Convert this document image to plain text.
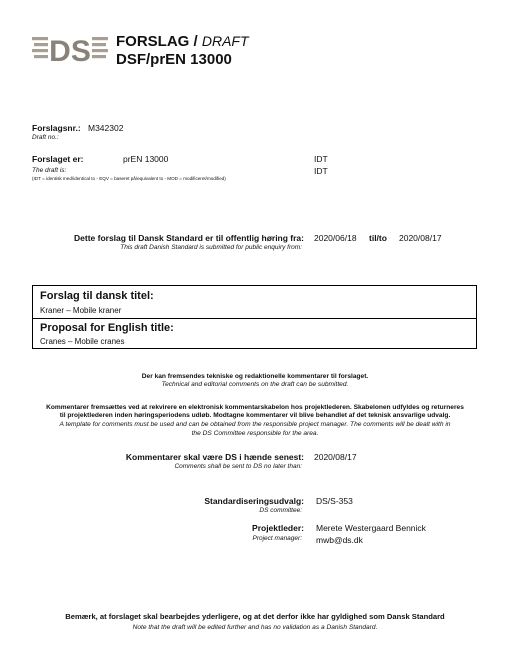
DS FORSLAG / DRAFT
DSF/prEN 13000
Forslagsnr.: M342302
Draft no.:
Forslaget er:	prEN 13000	IDT
The draft is:	IDT
(IDT = identisk med/identical to - EQV = baseret på/equivalent to - MOD = modificeret/modified)
Dette forslag til Dansk Standard er til offentlig høring fra:
This draft Danish Standard is submitted for public enquiry from:
2020/06/18 til/to 2020/08/17
Forslag til dansk titel:
Kraner – Mobile kraner
Proposal for English title:
Cranes – Mobile cranes
Der kan fremsendes tekniske og redaktionelle kommentarer til forslaget.
Technical and editorial comments on the draft can be submitted.
Kommentarer fremsættes ved at rekvirere en elektronisk kommentarskabelon hos projektlederen. Skabelonen udfyldes og returneres
til projektlederen inden høringsperiodens udløb. Modtagne kommentarer vil blive behandlet af det teknisk ansvarlige udvalg.
A template for comments must be used and can be obtained from the responsible project manager. The comments will be dealt with in
the DS Committee responsible for the area.
Kommentarer skal være DS i hænde senest:
Comments shall be sent to DS no later than:
2020/08/17
Standardiseringsudvalg:
DS committee:
DS/S-353
Projektleder:
Project manager:
Merete Westergaard Bennick
mwb@ds.dk
Bemærk, at forslaget skal bearbejdes yderligere, og at det derfor ikke har gyldighed som Dansk Standard
Note that the draft will be edited further and has no validation as a Danish Standard.
